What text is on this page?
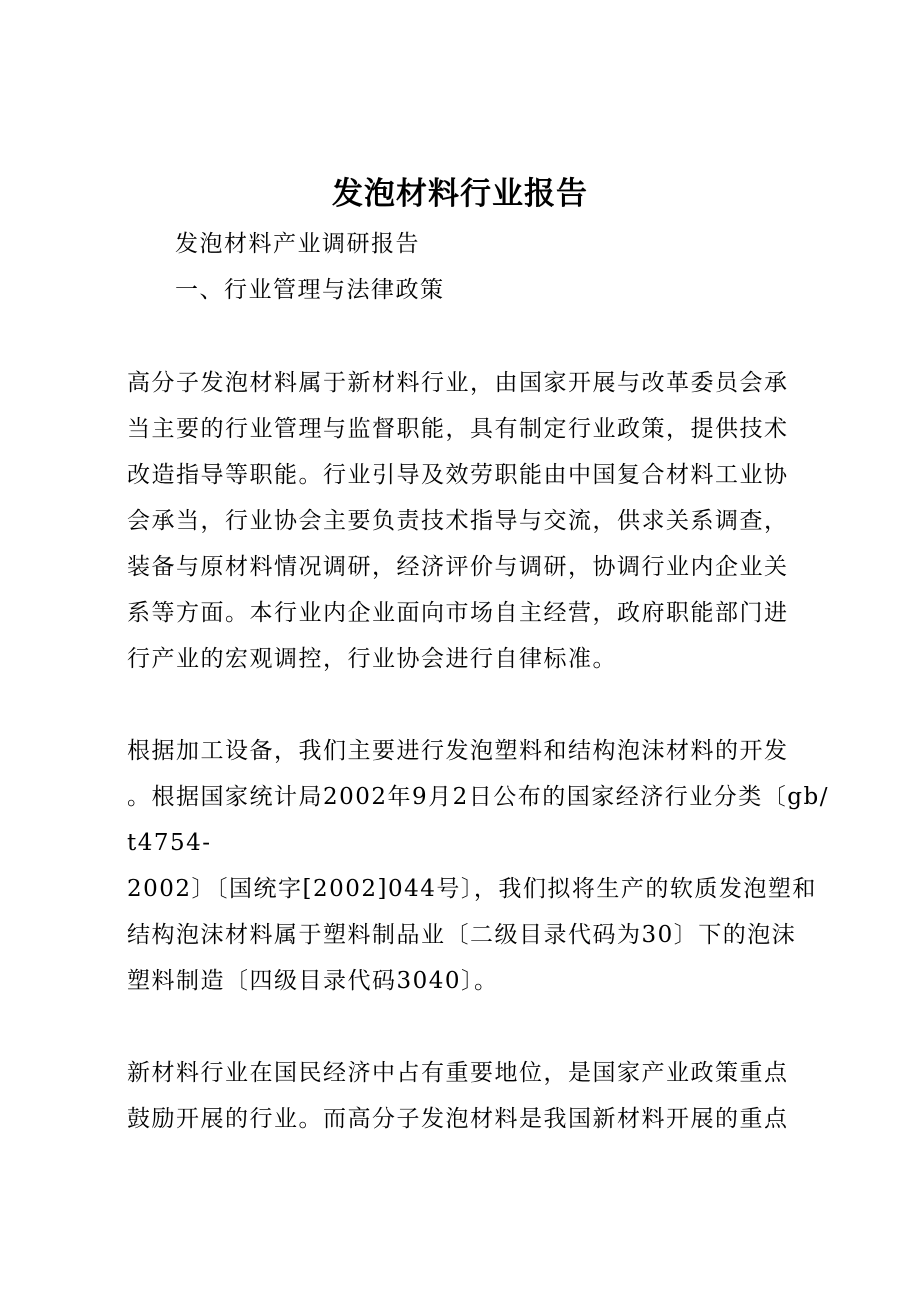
发泡材料行业报告
发泡材料产业调研报告
一、行业管理与法律政策
高分子发泡材料属于新材料行业，由国家开展与改革委员会承
当主要的行业管理与监督职能，具有制定行业政策，提供技术
改造指导等职能。行业引导及效劳职能由中国复合材料工业协
会承当，行业协会主要负责技术指导与交流，供求关系调查，
装备与原材料情况调研，经济评价与调研，协调行业内企业关
系等方面。本行业内企业面向市场自主经营，政府职能部门进
行产业的宏观调控，行业协会进行自律标准。
根据加工设备，我们主要进行发泡塑料和结构泡沫材料的开发
。根据国家统计局2002年9月2日公布的国家经济行业分类〔gb/
t4754-
2002〕〔国统字[2002]044号〕，我们拟将生产的软质发泡塑和
结构泡沫材料属于塑料制品业〔二级目录代码为30〕下的泡沫
塑料制造〔四级目录代码3040〕。
新材料行业在国民经济中占有重要地位，是国家产业政策重点
鼓励开展的行业。而高分子发泡材料是我国新材料开展的重点
